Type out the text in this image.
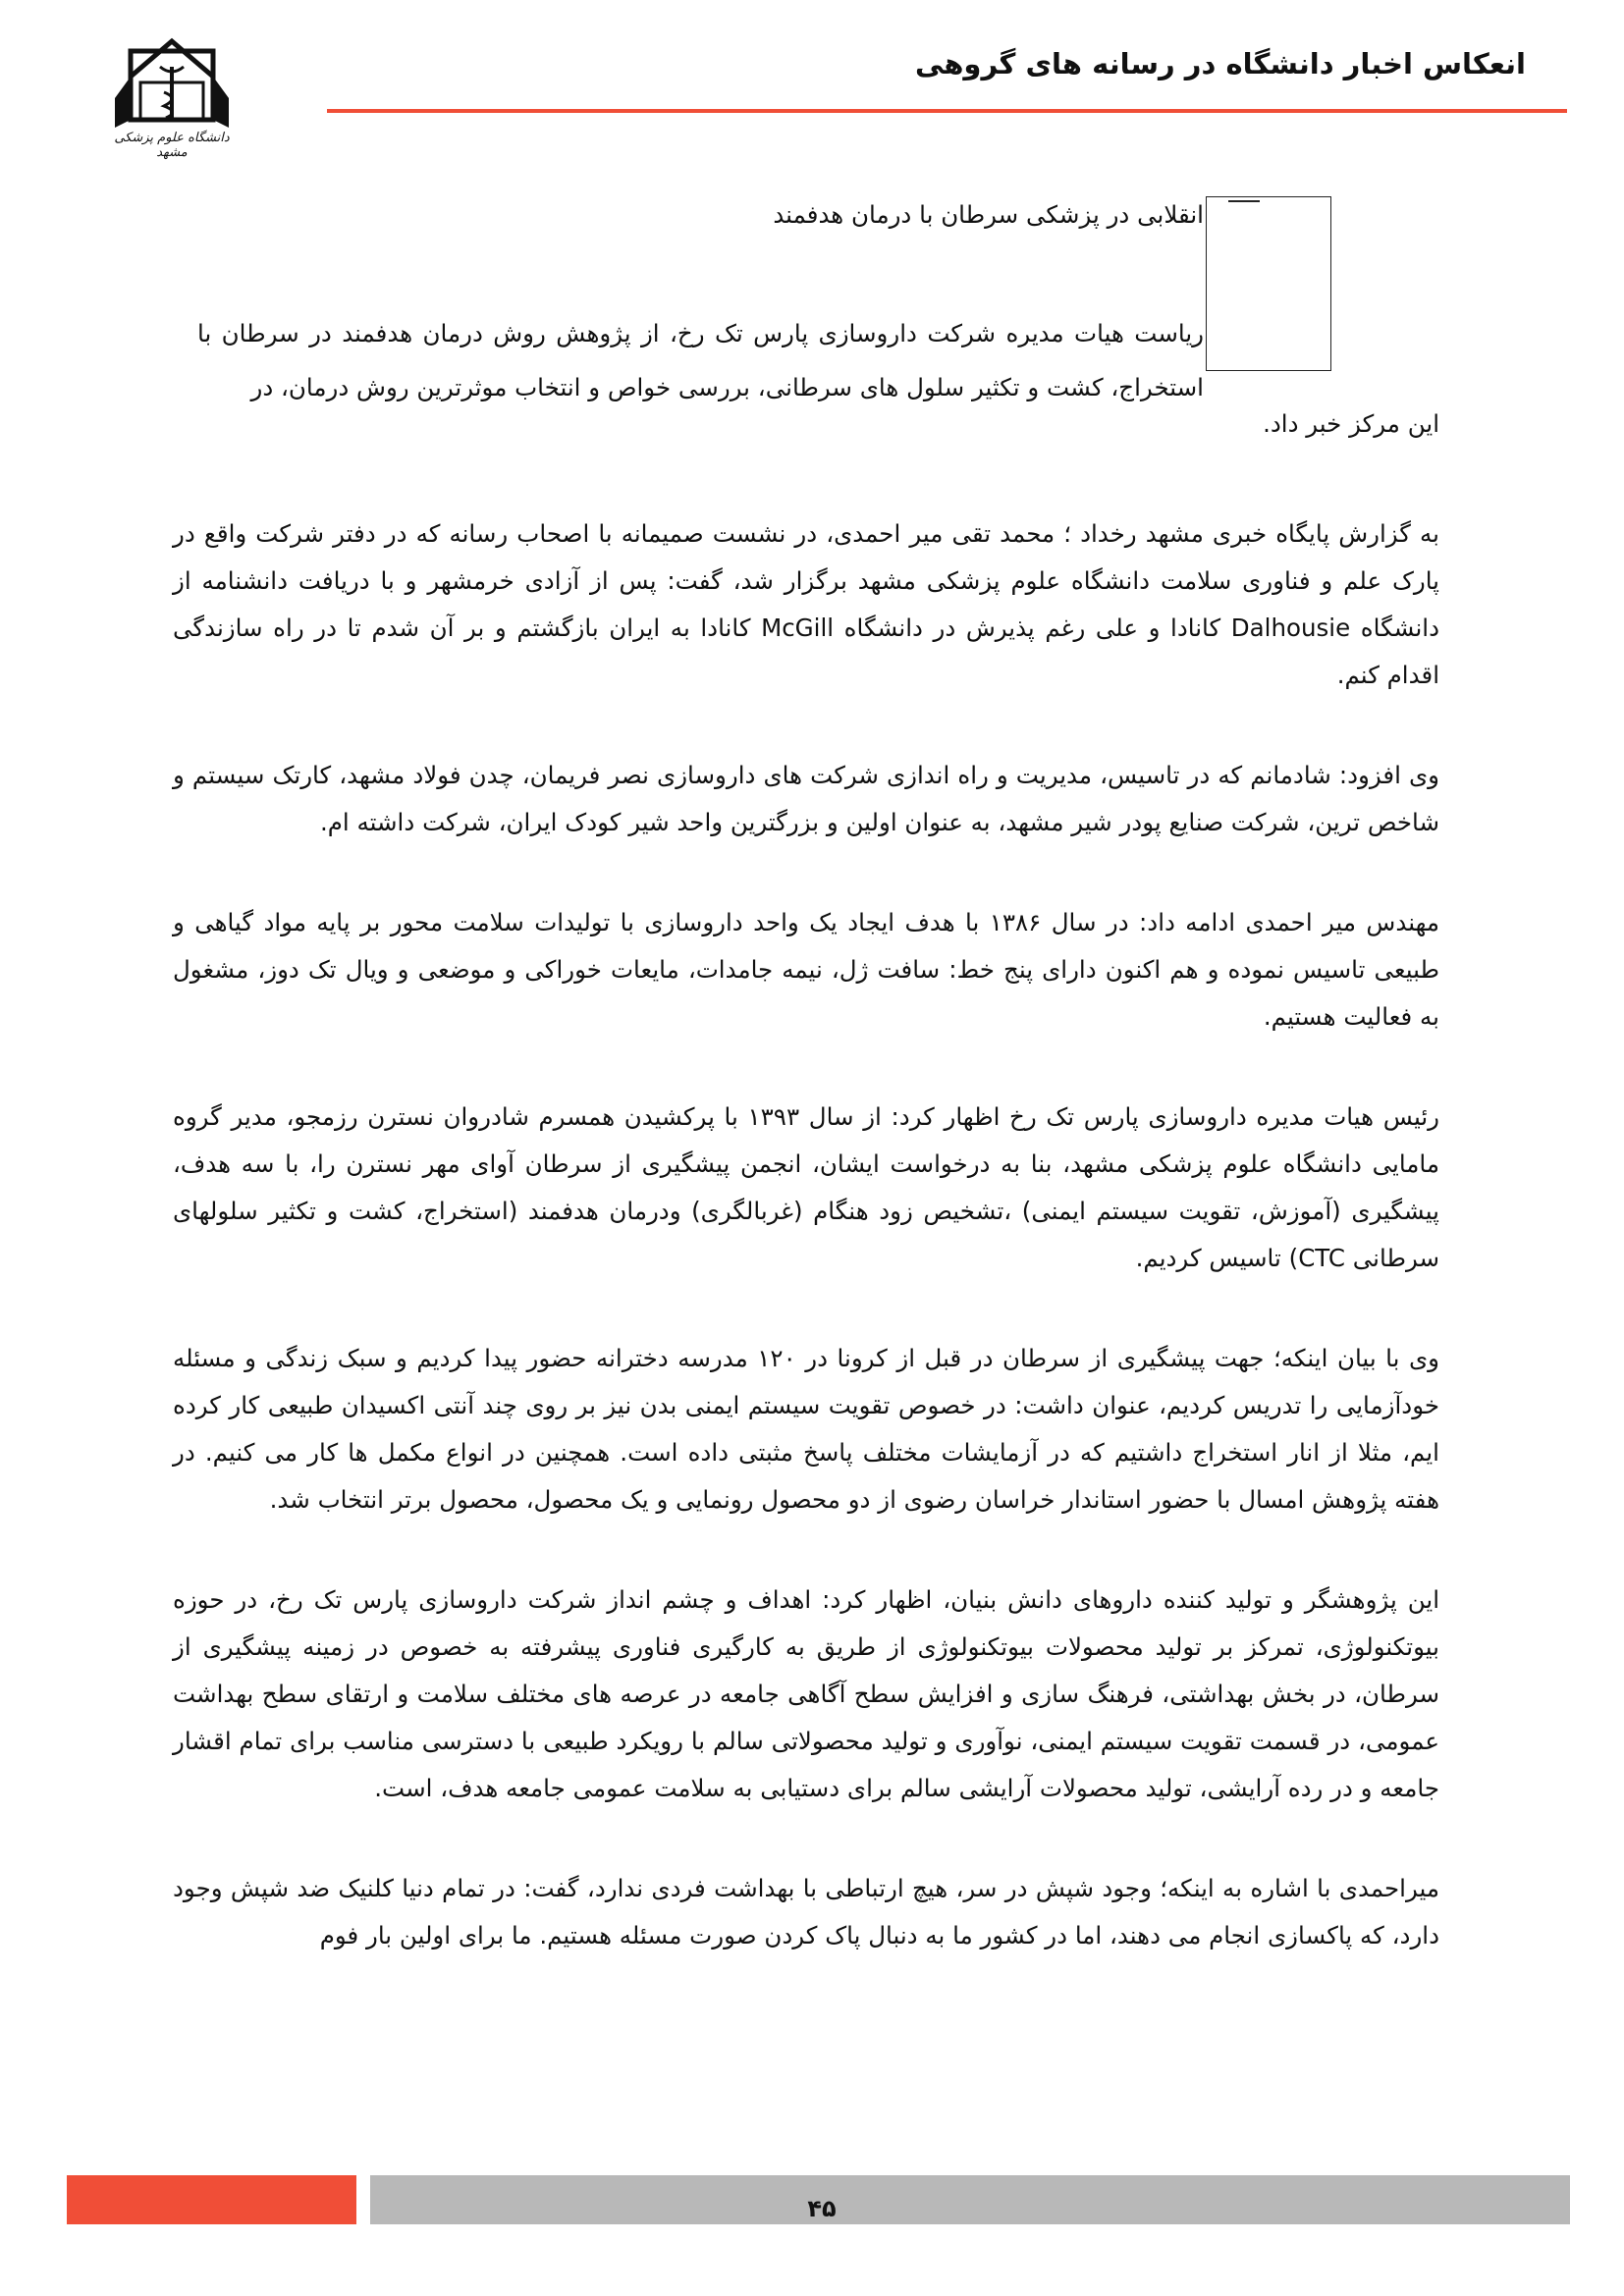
دانشگاه علوم پزشکی مشهد
انعکاس اخبار دانشگاه در رسانه های گروهی
انقلابی در پزشکی سرطان با درمان هدفمند
ریاست هیات مدیره شرکت داروسازی پارس تک رخ، از پژوهش روش درمان هدفمند در سرطان با استخراج، کشت و تکثیر سلول های سرطانی، بررسی خواص و انتخاب موثرترین روش درمان، در
این مرکز خبر داد.

به گزارش پایگاه خبری مشهد رخداد ؛ محمد تقی میر احمدی، در نشست صمیمانه با اصحاب رسانه که در دفتر شرکت واقع در پارک علم و فناوری سلامت دانشگاه علوم پزشکی مشهد برگزار شد، گفت: پس از آزادی خرمشهر و با دریافت دانشنامه از دانشگاه Dalhousie کانادا و علی رغم پذیرش در دانشگاه McGill کانادا به ایران بازگشتم و بر آن شدم تا در راه سازندگی اقدام کنم.

وی افزود: شادمانم که در تاسیس، مدیریت و راه اندازی شرکت های داروسازی نصر فریمان، چدن فولاد مشهد، کارتک سیستم و شاخص ترین، شرکت صنایع پودر شیر مشهد، به عنوان اولین و بزرگترین واحد شیر کودک ایران، شرکت داشته ام.

مهندس میر احمدی ادامه داد: در سال ۱۳۸۶ با هدف ایجاد یک واحد داروسازی با تولیدات سلامت محور بر پایه مواد گیاهی و طبیعی تاسیس نموده و هم اکنون دارای پنج خط: سافت ژل، نیمه جامدات، مایعات خوراکی و موضعی و ویال تک دوز، مشغول به فعالیت هستیم.

رئیس هیات مدیره داروسازی پارس تک رخ اظهار کرد: از سال ۱۳۹۳ با پرکشیدن همسرم شادروان نسترن رزمجو، مدیر گروه مامایی دانشگاه علوم پزشکی مشهد، بنا به درخواست ایشان، انجمن پیشگیری از سرطان آوای مهر نسترن را، با سه هدف، پیشگیری (آموزش، تقویت سیستم ایمنی) ،تشخیص زود هنگام (غربالگری) ودرمان هدفمند (استخراج، کشت و تکثیر سلولهای سرطانی CTC) تاسیس کردیم.

وی با بیان اینکه؛ جهت پیشگیری از سرطان در قبل از کرونا در ۱۲۰ مدرسه دخترانه حضور پیدا کردیم و سبک زندگی و مسئله خودآزمایی را تدریس کردیم، عنوان داشت: در خصوص تقویت سیستم ایمنی بدن نیز بر روی چند آنتی اکسیدان طبیعی کار کرده ایم، مثلا از انار استخراج داشتیم که در آزمایشات مختلف پاسخ مثبتی داده است. همچنین در انواع مکمل ها کار می کنیم. در هفته پژوهش امسال با حضور استاندار خراسان رضوی از دو محصول رونمایی و یک محصول، محصول برتر انتخاب شد.

این پژوهشگر و تولید کننده داروهای دانش بنیان، اظهار کرد: اهداف و چشم انداز شرکت داروسازی پارس تک رخ، در حوزه بیوتکنولوژی، تمرکز بر تولید محصولات بیوتکنولوژی از طریق به کارگیری فناوری پیشرفته به خصوص در زمینه پیشگیری از سرطان، در بخش بهداشتی، فرهنگ سازی و افزایش سطح آگاهی جامعه در عرصه های مختلف سلامت و ارتقای سطح بهداشت عمومی، در قسمت تقویت سیستم ایمنی، نوآوری و تولید محصولاتی سالم با رویکرد طبیعی با دسترسی مناسب برای تمام اقشار جامعه و در رده آرایشی، تولید محصولات آرایشی سالم برای دستیابی به سلامت عمومی جامعه هدف، است.

میراحمدی با اشاره به اینکه؛ وجود شپش در سر، هیچ ارتباطی با بهداشت فردی ندارد، گفت: در تمام دنیا کلنیک ضد شپش وجود دارد، که پاکسازی انجام می دهند، اما در کشور ما به دنبال پاک کردن صورت مسئله هستیم. ما برای اولین بار فوم

۴۵
